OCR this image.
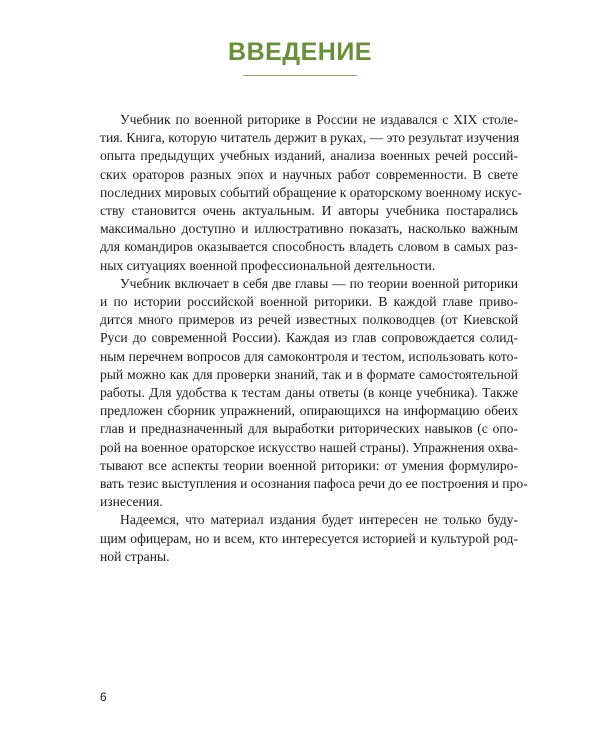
ВВЕДЕНИЕ
Учебник по военной риторике в России не издавался с XIX столе-
тия. Книга, которую читатель держит в руках, — это результат изучения
опыта предыдущих учебных изданий, анализа военных речей россий-
ских ораторов разных эпох и научных работ современности. В свете
последних мировых событий обращение к ораторскому военному искус-
ству становится очень актуальным. И авторы учебника постарались
максимально доступно и иллюстративно показать, насколько важным
для командиров оказывается способность владеть словом в самых раз-
ных ситуациях военной профессиональной деятельности.
Учебник включает в себя две главы — по теории военной риторики
и по истории российской военной риторики. В каждой главе приво-
дится много примеров из речей известных полководцев (от Киевской
Руси до современной России). Каждая из глав сопровождается солид-
ным перечнем вопросов для самоконтроля и тестом, использовать кото-
рый можно как для проверки знаний, так и в формате самостоятельной
работы. Для удобства к тестам даны ответы (в конце учебника). Также
предложен сборник упражнений, опирающихся на информацию обеих
глав и предназначенный для выработки риторических навыков (с опо-
рой на военное ораторское искусство нашей страны). Упражнения охва-
тывают все аспекты теории военной риторики: от умения формулиро-
вать тезис выступления и осознания пафоса речи до ее построения и про-
изнесения.
Надеемся, что материал издания будет интересен не только буду-
щим офицерам, но и всем, кто интересуется историей и культурой род-
ной страны.
6
